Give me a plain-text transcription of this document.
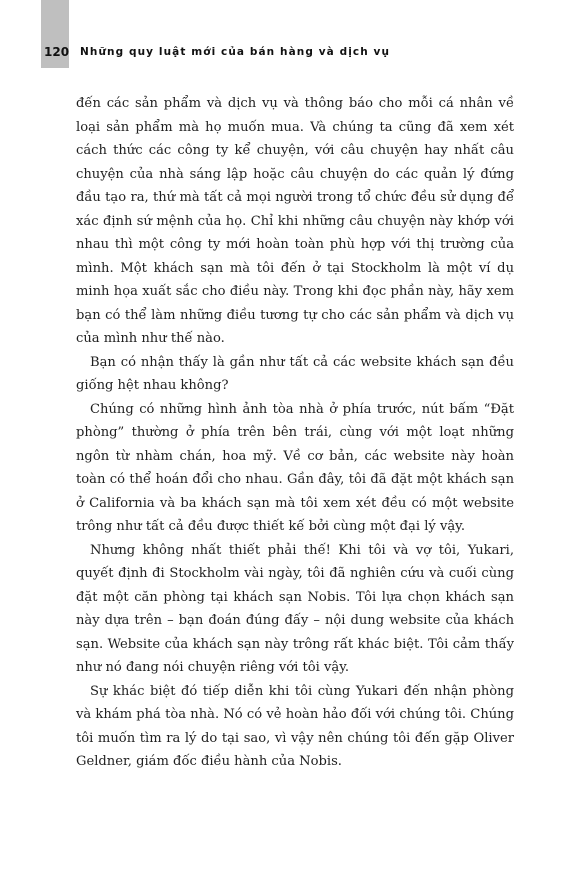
120 Những quy luật mới của bán hàng và dịch vụ

đến các sản phẩm và dịch vụ và thông báo cho mỗi cá nhân về loại sản phẩm mà họ muốn mua. Và chúng ta cũng đã xem xét cách thức các công ty kể chuyện, với câu chuyện hay nhất câu chuyện của nhà sáng lập hoặc câu chuyện do các quản lý đứng đầu tạo ra, thứ mà tất cả mọi người trong tổ chức đều sử dụng để xác định sứ mệnh của họ. Chỉ khi những câu chuyện này khớp với nhau thì một công ty mới hoàn toàn phù hợp với thị trường của mình. Một khách sạn mà tôi đến ở tại Stockholm là một ví dụ minh họa xuất sắc cho điều này. Trong khi đọc phần này, hãy xem bạn có thể làm những điều tương tự cho các sản phẩm và dịch vụ của mình như thế nào.

Bạn có nhận thấy là gần như tất cả các website khách sạn đều giống hệt nhau không?

Chúng có những hình ảnh tòa nhà ở phía trước, nút bấm “Đặt phòng” thường ở phía trên bên trái, cùng với một loạt những ngôn từ nhàm chán, hoa mỹ. Về cơ bản, các website này hoàn toàn có thể hoán đổi cho nhau. Gần đây, tôi đã đặt một khách sạn ở California và ba khách sạn mà tôi xem xét đều có một website trông như tất cả đều được thiết kế bởi cùng một đại lý vậy.

Nhưng không nhất thiết phải thế! Khi tôi và vợ tôi, Yukari, quyết định đi Stockholm vài ngày, tôi đã nghiên cứu và cuối cùng đặt một căn phòng tại khách sạn Nobis. Tôi lựa chọn khách sạn này dựa trên – bạn đoán đúng đấy – nội dung website của khách sạn. Website của khách sạn này trông rất khác biệt. Tôi cảm thấy như nó đang nói chuyện riêng với tôi vậy.

Sự khác biệt đó tiếp diễn khi tôi cùng Yukari đến nhận phòng và khám phá tòa nhà. Nó có vẻ hoàn hảo đối với chúng tôi. Chúng tôi muốn tìm ra lý do tại sao, vì vậy nên chúng tôi đến gặp Oliver Geldner, giám đốc điều hành của Nobis.
